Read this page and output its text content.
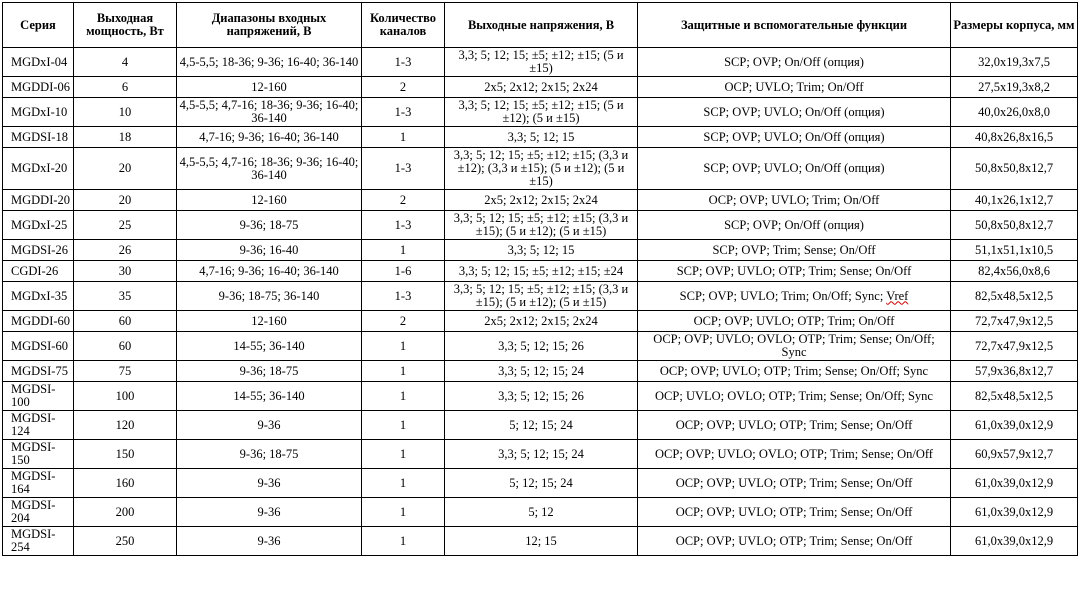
Серия	Выходная мощность, Вт	Диапазоны входных напряжений, В	Количество каналов	Выходные напряжения, В	Защитные и вспомогательные функции	Размеры корпуса, мм
MGDxI-04	4	4,5-5,5; 18-36; 9-36; 16-40; 36-140	1-3	3,3; 5; 12; 15; ±5; ±12; ±15; (5 и ±15)	SCP; OVP; On/Off (опция)	32,0x19,3x7,5
MGDDI-06	6	12-160	2	2x5; 2x12; 2x15; 2x24	OCP; UVLO; Trim; On/Off	27,5x19,3x8,2
MGDxI-10	10	4,5-5,5; 4,7-16; 18-36; 9-36; 16-40; 36-140	1-3	3,3; 5; 12; 15; ±5; ±12; ±15; (5 и ±12); (5 и ±15)	SCP; OVP; UVLO; On/Off (опция)	40,0x26,0x8,0
MGDSI-18	18	4,7-16; 9-36; 16-40; 36-140	1	3,3; 5; 12; 15	SCP; OVP; UVLO; On/Off (опция)	40,8x26,8x16,5
MGDxI-20	20	4,5-5,5; 4,7-16; 18-36; 9-36; 16-40; 36-140	1-3	3,3; 5; 12; 15; ±5; ±12; ±15; (3,3 и ±12); (3,3 и ±15); (5 и ±12); (5 и ±15)	SCP; OVP; UVLO; On/Off (опция)	50,8x50,8x12,7
MGDDI-20	20	12-160	2	2x5; 2x12; 2x15; 2x24	OCP; OVP; UVLO; Trim; On/Off	40,1x26,1x12,7
MGDxI-25	25	9-36; 18-75	1-3	3,3; 5; 12; 15; ±5; ±12; ±15; (3,3 и ±15); (5 и ±12); (5 и ±15)	SCP; OVP; On/Off (опция)	50,8x50,8x12,7
MGDSI-26	26	9-36; 16-40	1	3,3; 5; 12; 15	SCP; OVP; Trim; Sense; On/Off	51,1x51,1x10,5
CGDI-26	30	4,7-16; 9-36; 16-40; 36-140	1-6	3,3; 5; 12; 15; ±5; ±12; ±15; ±24	SCP; OVP; UVLO; OTP; Trim; Sense; On/Off	82,4x56,0x8,6
MGDxI-35	35	9-36; 18-75; 36-140	1-3	3,3; 5; 12; 15; ±5; ±12; ±15; (3,3 и ±15); (5 и ±12); (5 и ±15)	SCP; OVP; UVLO; Trim; On/Off; Sync; Vref	82,5x48,5x12,5
MGDDI-60	60	12-160	2	2x5; 2x12; 2x15; 2x24	OCP; OVP; UVLO; OTP; Trim; On/Off	72,7x47,9x12,5
MGDSI-60	60	14-55; 36-140	1	3,3; 5; 12; 15; 26	OCP; OVP; UVLO; OVLO; OTP; Trim; Sense; On/Off; Sync	72,7x47,9x12,5
MGDSI-75	75	9-36; 18-75	1	3,3; 5; 12; 15; 24	OCP; OVP; UVLO; OTP; Trim; Sense; On/Off; Sync	57,9x36,8x12,7
MGDSI-100	100	14-55; 36-140	1	3,3; 5; 12; 15; 26	OCP; UVLO; OVLO; OTP; Trim; Sense; On/Off; Sync	82,5x48,5x12,5
MGDSI-124	120	9-36	1	5; 12; 15; 24	OCP; OVP; UVLO; OTP; Trim; Sense; On/Off	61,0x39,0x12,9
MGDSI-150	150	9-36; 18-75	1	3,3; 5; 12; 15; 24	OCP; OVP; UVLO; OVLO; OTP; Trim; Sense; On/Off	60,9x57,9x12,7
MGDSI-164	160	9-36	1	5; 12; 15; 24	OCP; OVP; UVLO; OTP; Trim; Sense; On/Off	61,0x39,0x12,9
MGDSI-204	200	9-36	1	5; 12	OCP; OVP; UVLO; OTP; Trim; Sense; On/Off	61,0x39,0x12,9
MGDSI-254	250	9-36	1	12; 15	OCP; OVP; UVLO; OTP; Trim; Sense; On/Off	61,0x39,0x12,9
